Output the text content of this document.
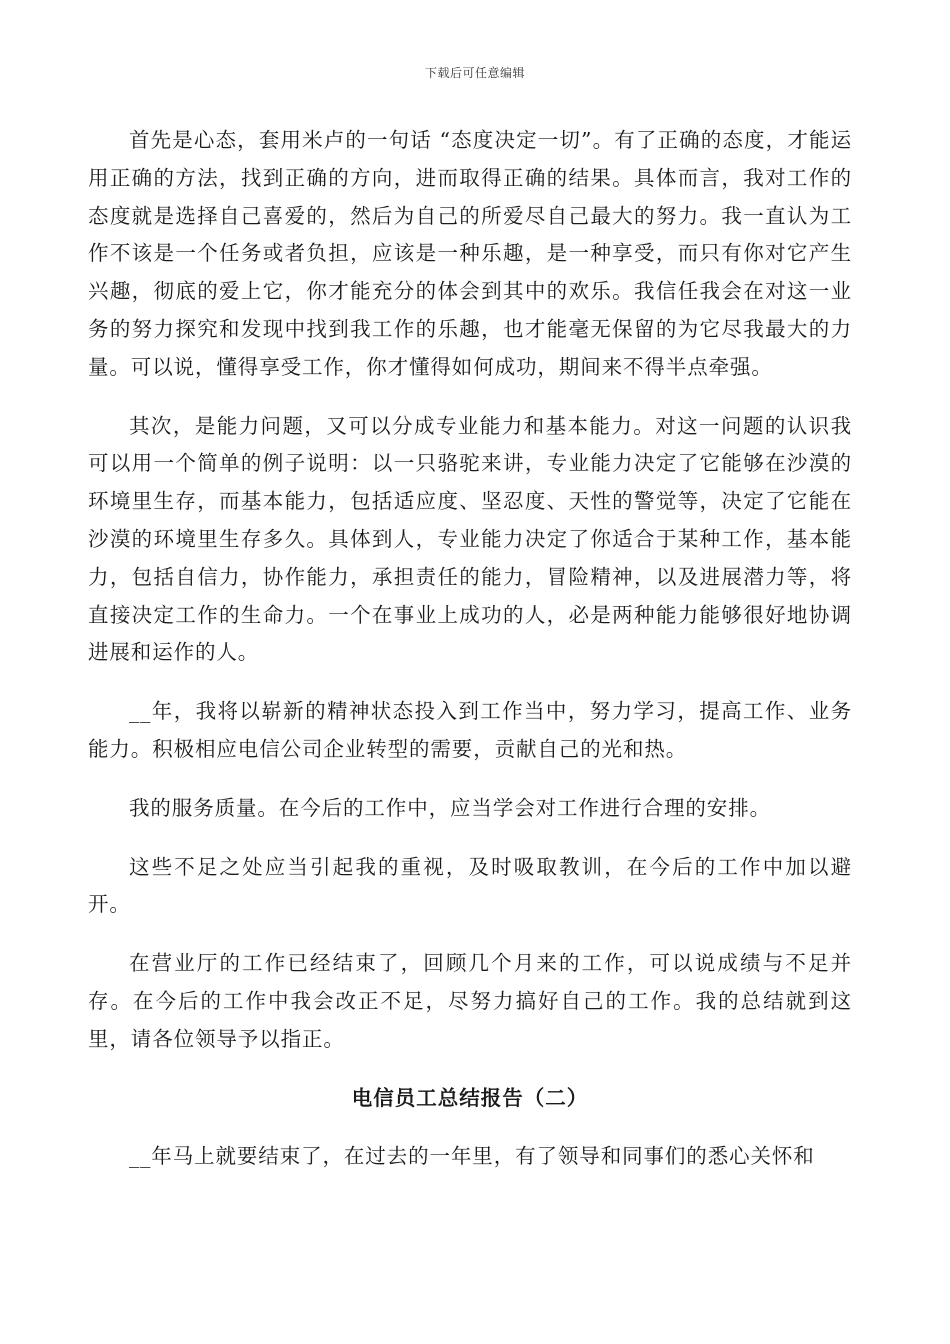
下载后可任意编辑

首先是心态，套用米卢的一句话 “态度决定一切”。有了正确的态度，才能运用正确的方法，找到正确的方向，进而取得正确的结果。具体而言，我对工作的态度就是选择自己喜爱的，然后为自己的所爱尽自己最大的努力。我一直认为工作不该是一个任务或者负担，应该是一种乐趣，是一种享受，而只有你对它产生兴趣，彻底的爱上它，你才能充分的体会到其中的欢乐。我信任我会在对这一业务的努力探究和发现中找到我工作的乐趣，也才能毫无保留的为它尽我最大的力量。可以说，懂得享受工作，你才懂得如何成功，期间来不得半点牵强。

其次，是能力问题，又可以分成专业能力和基本能力。对这一问题的认识我可以用一个简单的例子说明：以一只骆驼来讲，专业能力决定了它能够在沙漠的环境里生存，而基本能力，包括适应度、坚忍度、天性的警觉等，决定了它能在沙漠的环境里生存多久。具体到人，专业能力决定了你适合于某种工作，基本能力，包括自信力，协作能力，承担责任的能力，冒险精神，以及进展潜力等，将直接决定工作的生命力。一个在事业上成功的人，必是两种能力能够很好地协调进展和运作的人。

__年，我将以崭新的精神状态投入到工作当中，努力学习，提高工作、业务能力。积极相应电信公司企业转型的需要，贡献自己的光和热。

我的服务质量。在今后的工作中，应当学会对工作进行合理的安排。

这些不足之处应当引起我的重视，及时吸取教训，在今后的工作中加以避开。

在营业厅的工作已经结束了，回顾几个月来的工作，可以说成绩与不足并存。在今后的工作中我会改正不足，尽努力搞好自己的工作。我的总结就到这里，请各位领导予以指正。

电信员工总结报告（二）

__年马上就要结束了，在过去的一年里，有了领导和同事们的悉心关怀和
